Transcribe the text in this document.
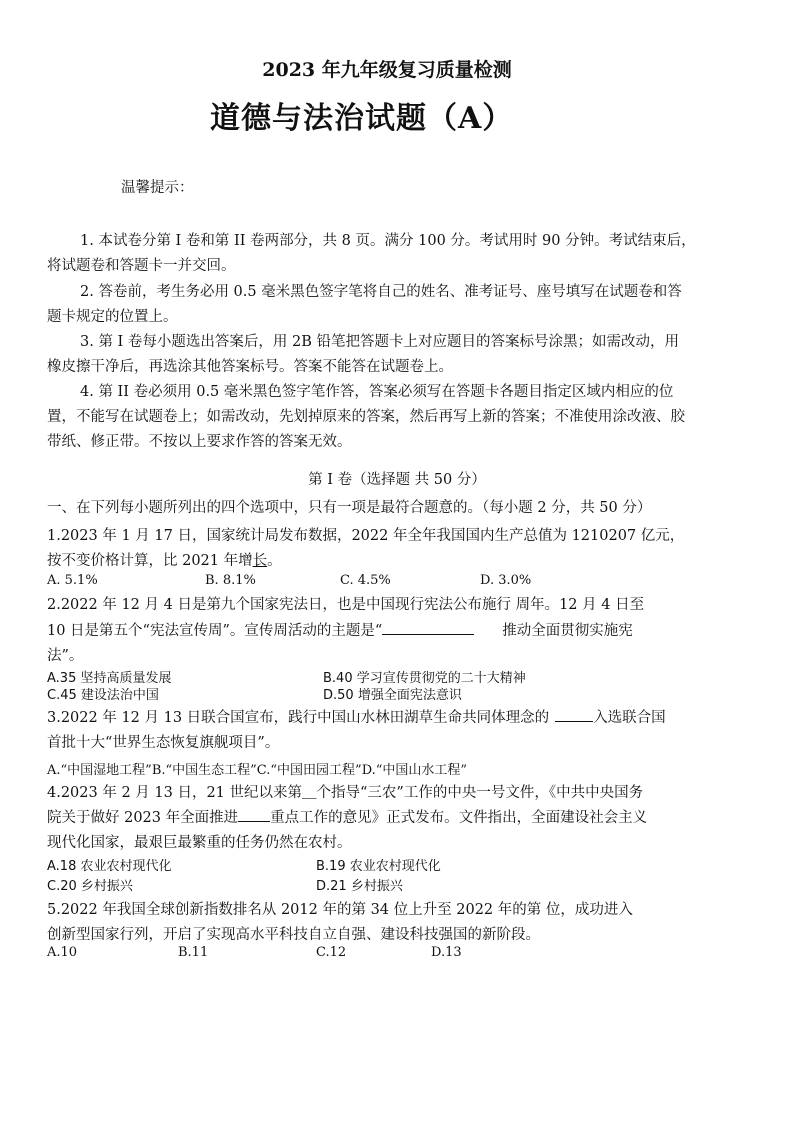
2023 年九年级复习质量检测
道德与法治试题（A）
温馨提示：
1. 本试卷分第 I 卷和第 II 卷两部分，共 8 页。满分 100 分。考试用时 90 分钟。考试结束后，
将试题卷和答题卡一并交回。
2. 答卷前，考生务必用 0.5 毫米黑色签字笔将自己的姓名、准考证号、座号填写在试题卷和答
题卡规定的位置上。
3. 第 I 卷每小题选出答案后，用 2B 铅笔把答题卡上对应题目的答案标号涂黑；如需改动，用
橡皮擦干净后，再选涂其他答案标号。答案不能答在试题卷上。
4. 第 II 卷必须用 0.5 毫米黑色签字笔作答，答案必须写在答题卡各题目指定区域内相应的位
置，不能写在试题卷上；如需改动，先划掉原来的答案，然后再写上新的答案；不准使用涂改液、胶
带纸、修正带。不按以上要求作答的答案无效。
第 I 卷（选择题 共 50 分）
一、在下列每小题所列出的四个选项中，只有一项是最符合题意的。（每小题 2 分，共 50 分）
1.2023 年 1 月 17 日，国家统计局发布数据，2022 年全年我国国内生产总值为 1210207 亿元，
按不变价格计算，比 2021 年增长。
A. 5.1%	B. 8.1%	C. 4.5%	D. 3.0%
2.2022 年 12 月 4 日是第九个国家宪法日，也是中国现行宪法公布施行 周年。12 月 4 日至
10 日是第五个“宪法宣传周”。宣传周活动的主题是“	推动全面贯彻实施宪
法”。
A.35 坚持高质量发展	B.40 学习宣传贯彻党的二十大精神
C.45 建设法治中国	D.50 增强全面宪法意识
3.2022 年 12 月 13 日联合国宣布，践行中国山水林田湖草生命共同体理念的	入选联合国
首批十大“世界生态恢复旗舰项目”。
A.“中国湿地工程”B.“中国生态工程”C.“中国田园工程”D.“中国山水工程”
4.2023 年 2 月 13 日，21 世纪以来第＿个指导“三农”工作的中央一号文件，《中共中央国务
院关于做好 2023 年全面推进 重点工作的意见》正式发布。文件指出，全面建设社会主义
现代化国家，最艰巨最繁重的任务仍然在农村。
A.18 农业农村现代化	B.19 农业农村现代化
C.20 乡村振兴	D.21 乡村振兴
5.2022 年我国全球创新指数排名从 2012 年的第 34 位上升至 2022 年的第 位，成功进入
创新型国家行列，开启了实现高水平科技自立自强、建设科技强国的新阶段。
A.10	B.11	C.12	D.13
